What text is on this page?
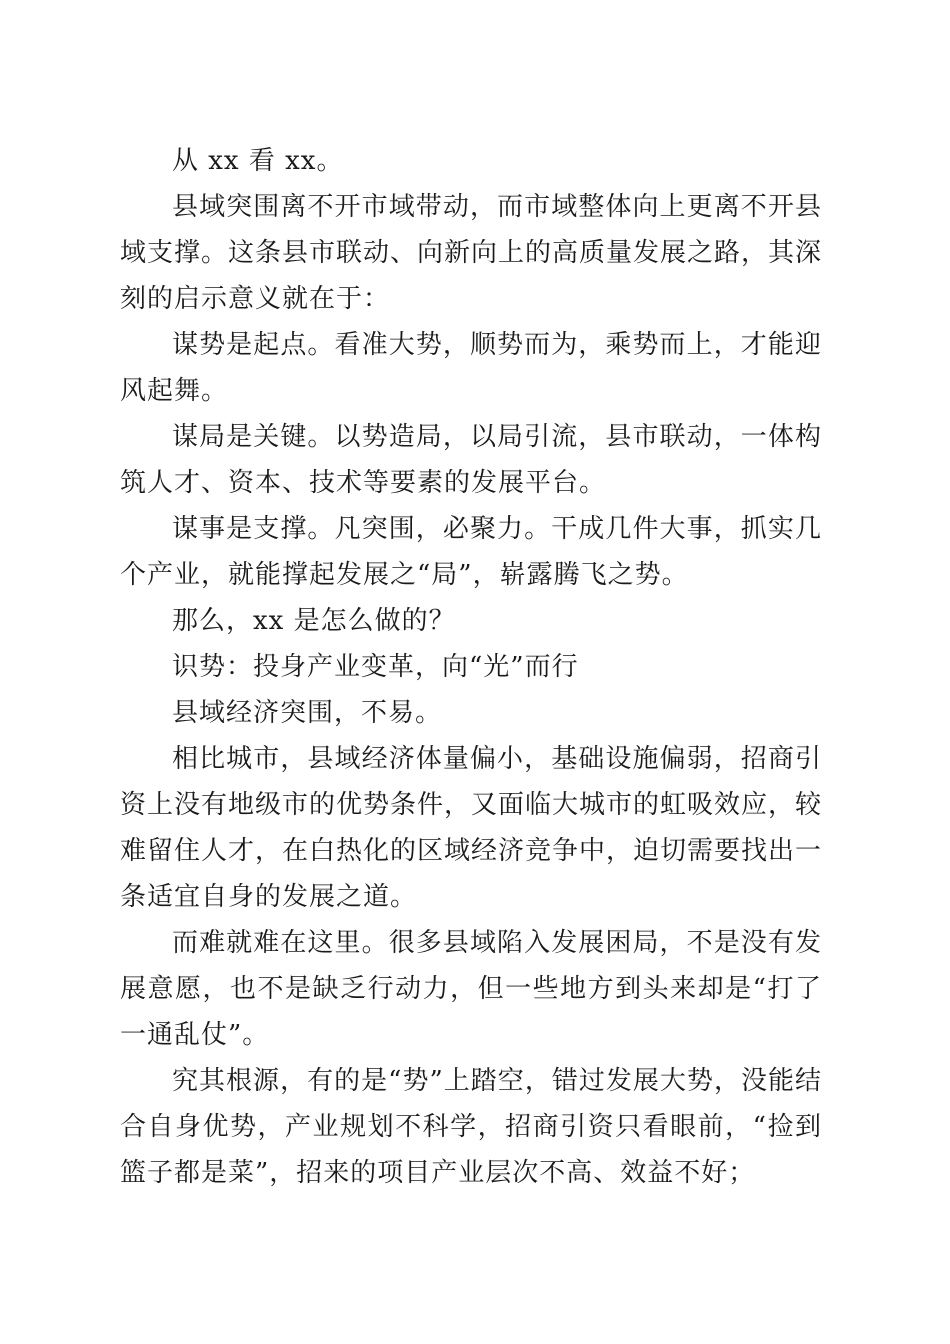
从 xx 看 xx。

县域突围离不开市域带动，而市域整体向上更离不开县域支撑。这条县市联动、向新向上的高质量发展之路，其深刻的启示意义就在于：

谋势是起点。看准大势，顺势而为，乘势而上，才能迎风起舞。

谋局是关键。以势造局，以局引流，县市联动，一体构筑人才、资本、技术等要素的发展平台。

谋事是支撑。凡突围，必聚力。干成几件大事，抓实几个产业，就能撑起发展之“局”，崭露腾飞之势。

那么，xx 是怎么做的？

识势：投身产业变革，向“光”而行

县域经济突围，不易。

相比城市，县域经济体量偏小，基础设施偏弱，招商引资上没有地级市的优势条件，又面临大城市的虹吸效应，较难留住人才，在白热化的区域经济竞争中，迫切需要找出一条适宜自身的发展之道。

而难就难在这里。很多县域陷入发展困局，不是没有发展意愿，也不是缺乏行动力，但一些地方到头来却是“打了一通乱仗”。

究其根源，有的是“势”上踏空，错过发展大势，没能结合自身优势，产业规划不科学，招商引资只看眼前，“捡到篮子都是菜”，招来的项目产业层次不高、效益不好；
